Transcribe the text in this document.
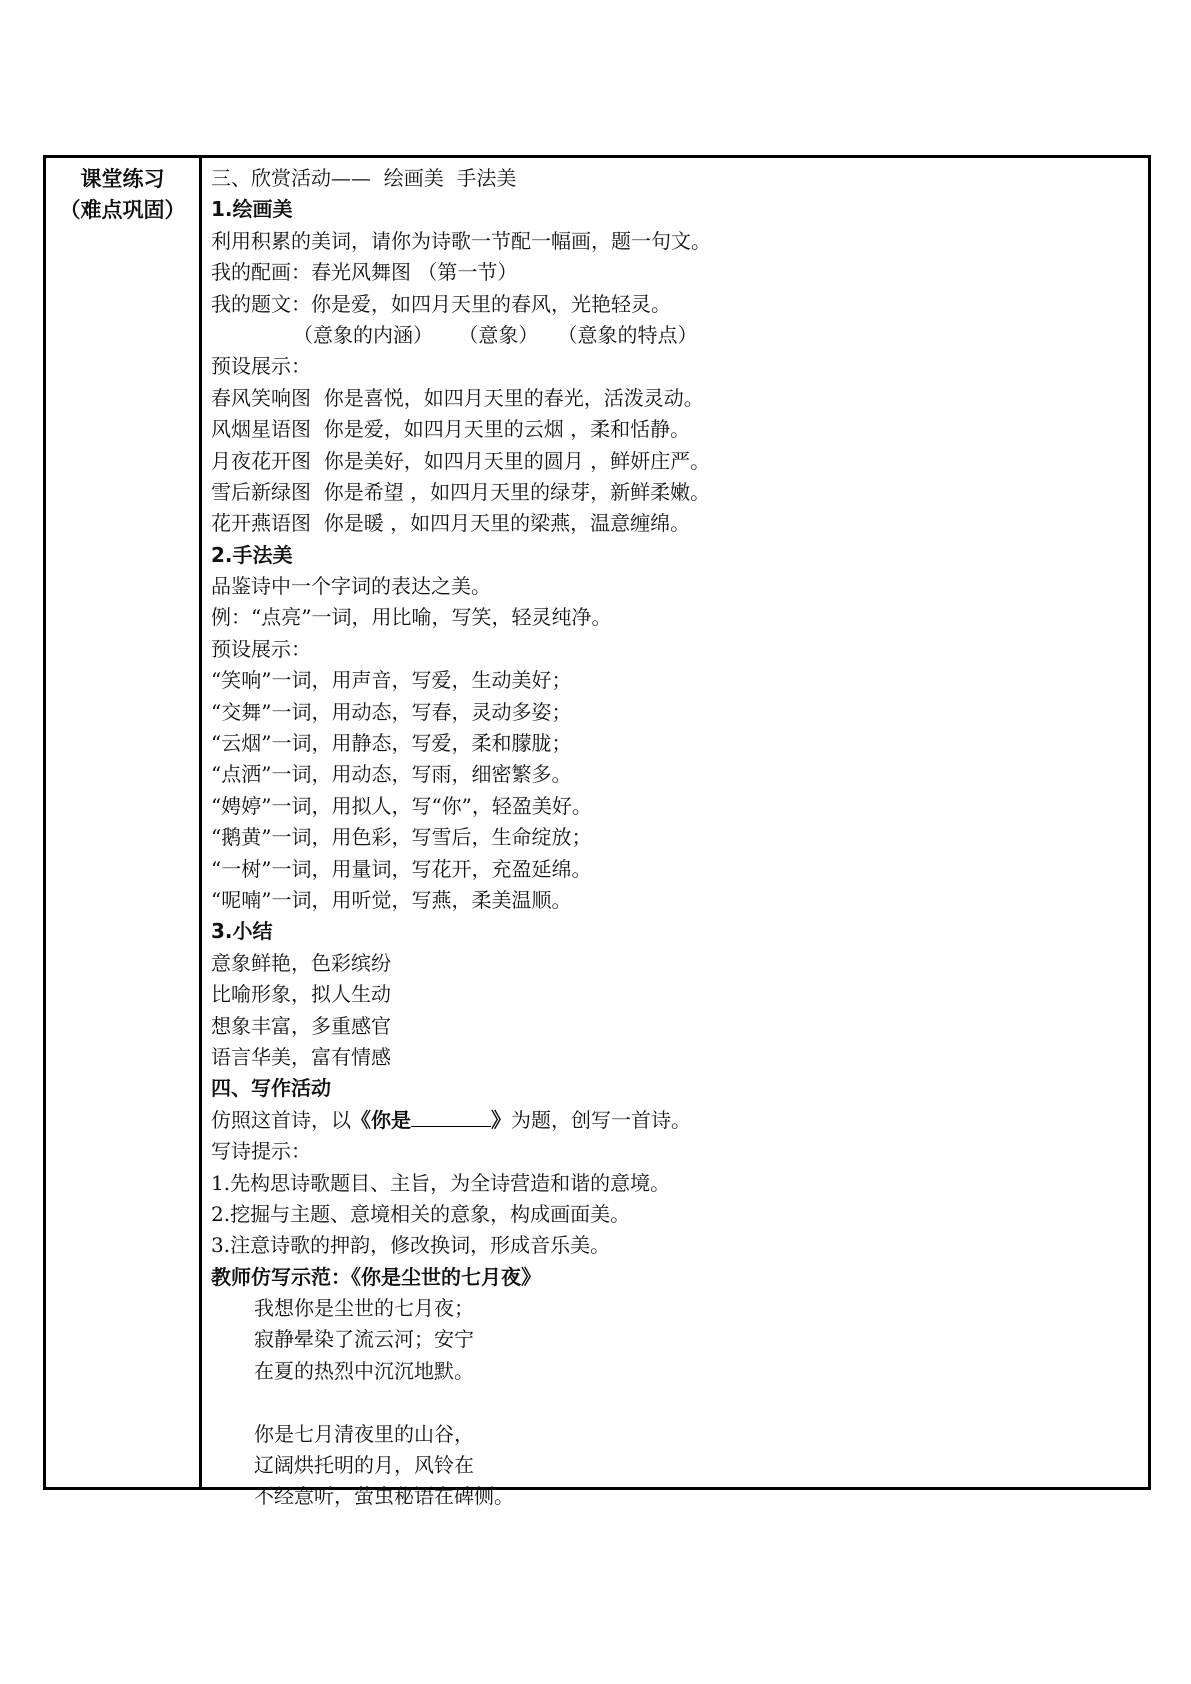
课堂练习
（难点巩固）
三、欣赏活动——  绘画美  手法美
1.绘画美
利用积累的美词，请你为诗歌一节配一幅画，题一句文。
我的配画：春光风舞图 （第一节）
我的题文：你是爱，如四月天里的春风，光艳轻灵。
（意象的内涵）    （意象）   （意象的特点）
预设展示：
春风笑响图  你是喜悦，如四月天里的春光，活泼灵动。
风烟星语图  你是爱，如四月天里的云烟 ，柔和恬静。
月夜花开图  你是美好，如四月天里的圆月 ，鲜妍庄严。
雪后新绿图  你是希望 ，如四月天里的绿芽，新鲜柔嫩。
花开燕语图  你是暖 ，如四月天里的梁燕，温意缠绵。
2.手法美
品鉴诗中一个字词的表达之美。
例：“点亮”一词，用比喻，写笑，轻灵纯净。
预设展示：
“笑响”一词，用声音，写爱，生动美好；
“交舞”一词，用动态，写春，灵动多姿；
“云烟”一词，用静态，写爱，柔和朦胧；
“点洒”一词，用动态，写雨，细密繁多。
“娉婷”一词，用拟人，写“你”，轻盈美好。
“鹅黄”一词，用色彩，写雪后，生命绽放；
“一树”一词，用量词，写花开，充盈延绵。
“呢喃”一词，用听觉，写燕，柔美温顺。
3.小结
意象鲜艳，色彩缤纷
比喻形象，拟人生动
想象丰富，多重感官
语言华美，富有情感
四、写作活动
仿照这首诗，以《你是	》为题，创写一首诗。
写诗提示：
1.先构思诗歌题目、主旨，为全诗营造和谐的意境。
2.挖掘与主题、意境相关的意象，构成画面美。
3.注意诗歌的押韵，修改换词，形成音乐美。
教师仿写示范：《你是尘世的七月夜》
我想你是尘世的七月夜；
寂静晕染了流云河；安宁
在夏的热烈中沉沉地默。
你是七月清夜里的山谷，
辽阔烘托明的月，风铃在
不经意听，萤虫秘语在碑侧。
